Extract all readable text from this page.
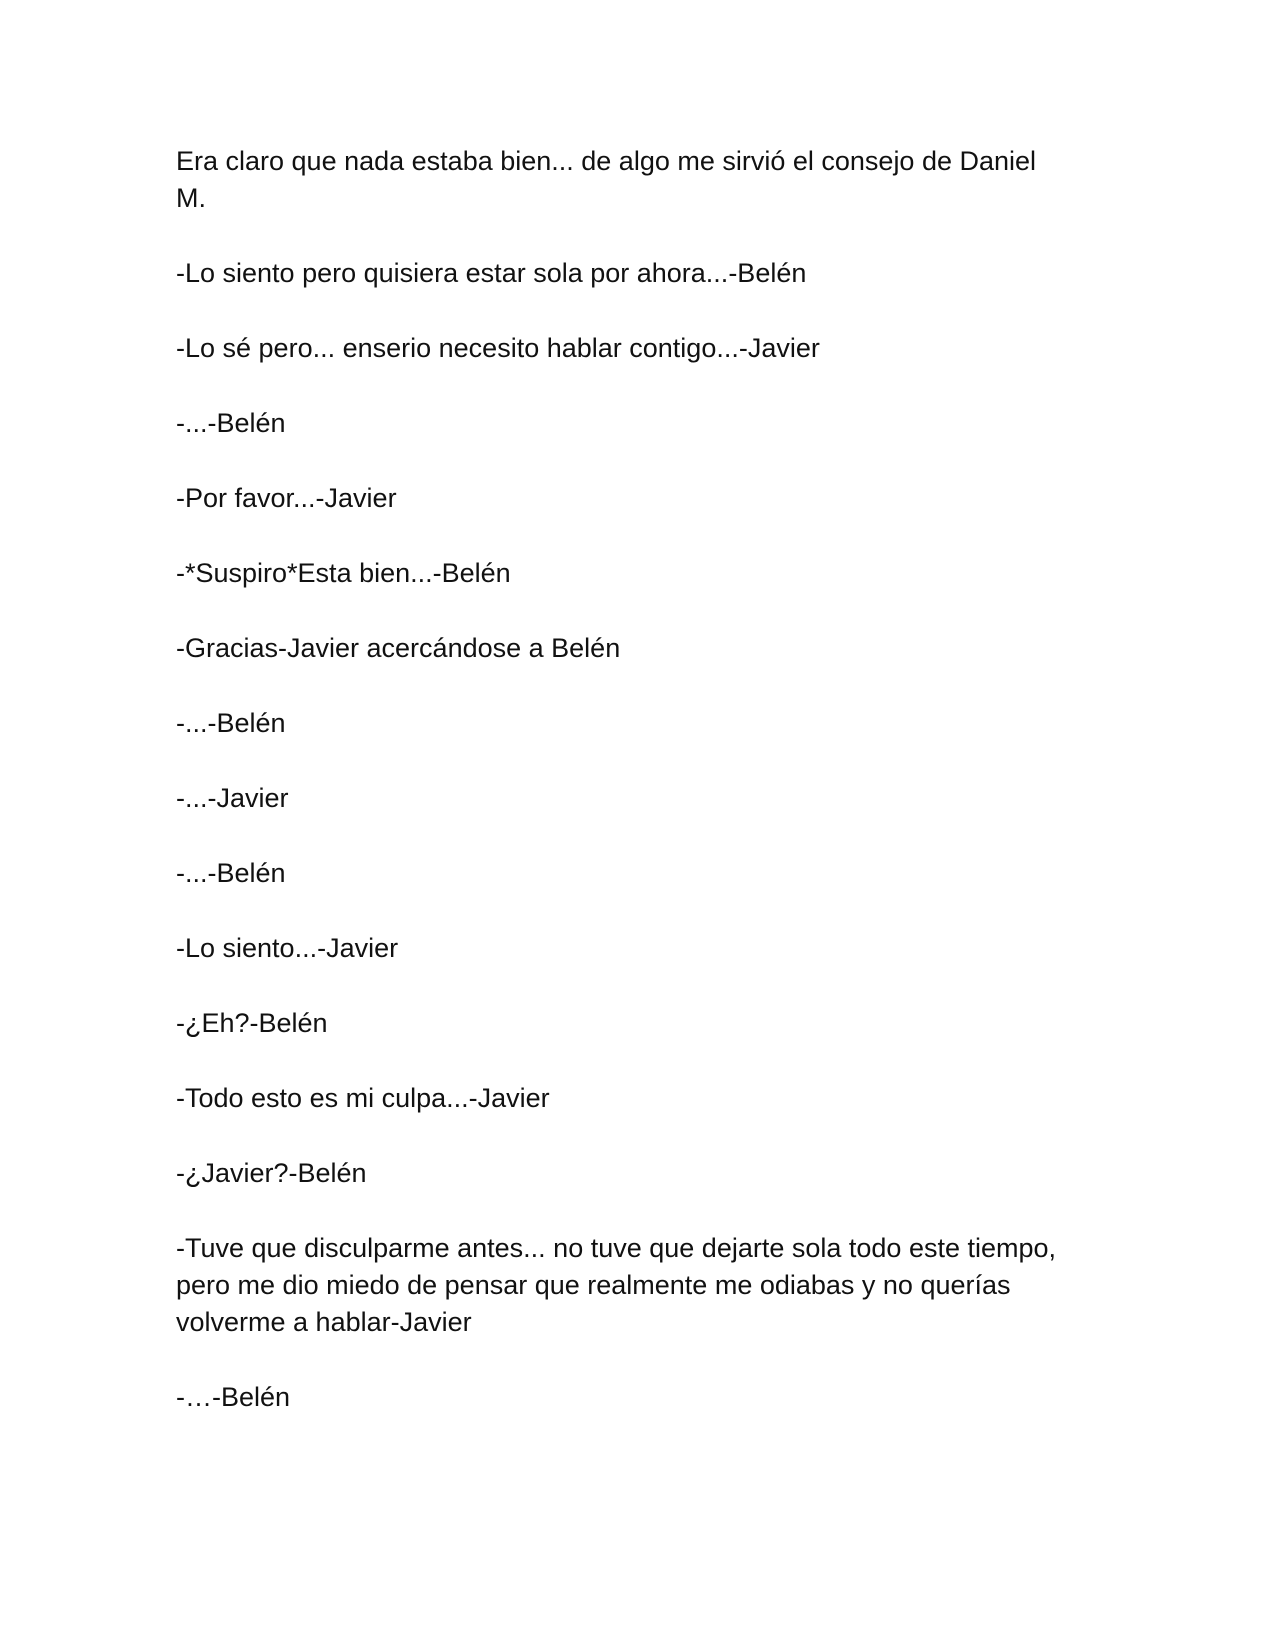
Era claro que nada estaba bien... de algo me sirvió el consejo de Daniel
M.

-Lo siento pero quisiera estar sola por ahora...-Belén

-Lo sé pero... enserio necesito hablar contigo...-Javier

-...-Belén

-Por favor...-Javier

-*Suspiro*Esta bien...-Belén

-Gracias-Javier acercándose a Belén

-...-Belén

-...-Javier

-...-Belén

-Lo siento...-Javier

-¿Eh?-Belén

-Todo esto es mi culpa...-Javier

-¿Javier?-Belén

-Tuve que disculparme antes... no tuve que dejarte sola todo este tiempo,
pero me dio miedo de pensar que realmente me odiabas y no querías
volverme a hablar-Javier

-…-Belén
